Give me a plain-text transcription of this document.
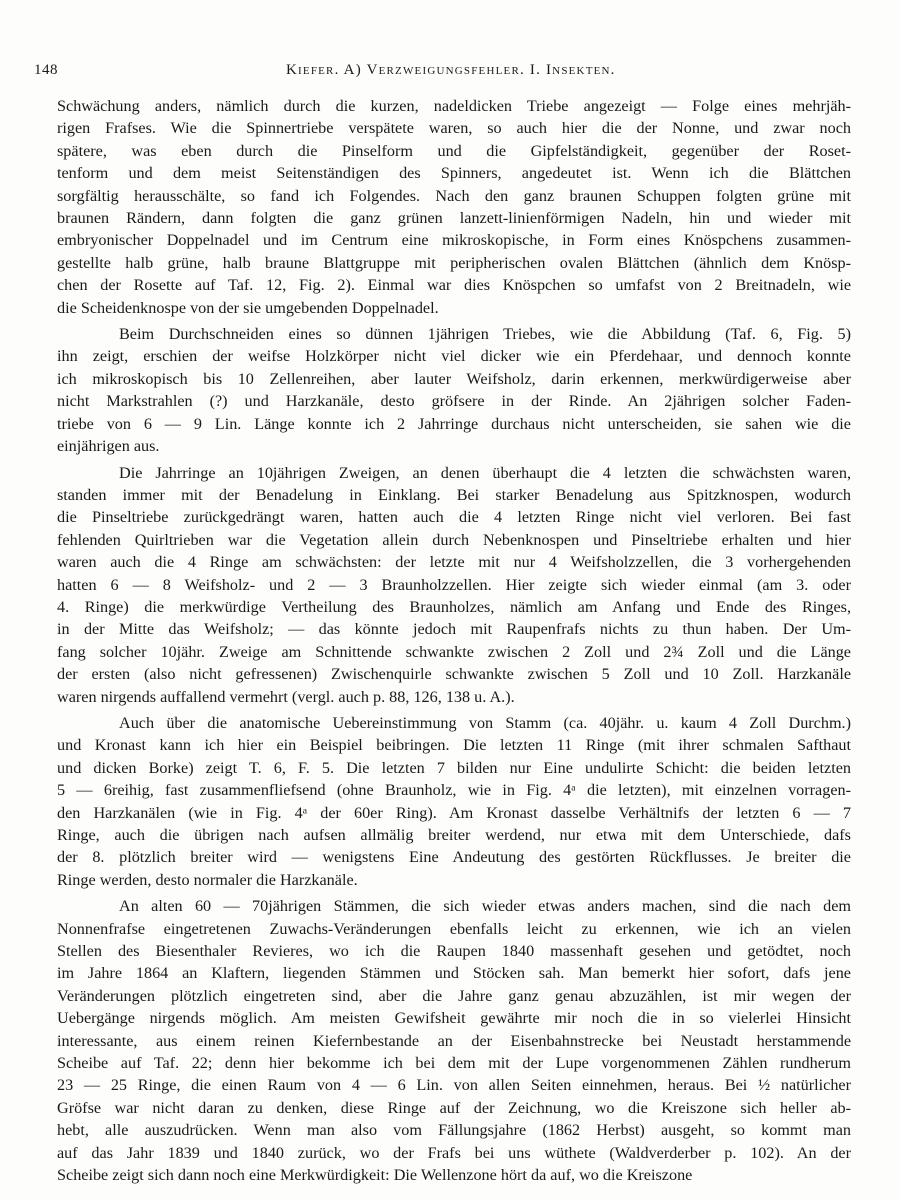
148	Kiefer. A) Verzweigungsfehler. I. Insekten.
Schwächung anders, nämlich durch die kurzen, nadeldicken Triebe angezeigt — Folge eines mehrjäh-
rigen Frafses. Wie die Spinnertriebe verspätete waren, so auch hier die der Nonne, und zwar noch
spätere, was eben durch die Pinselform und die Gipfelständigkeit, gegenüber der Roset-
tenform und dem meist Seitenständigen des Spinners, angedeutet ist. Wenn ich die Blättchen
sorgfältig herausschälte, so fand ich Folgendes. Nach den ganz braunen Schuppen folgten grüne mit
braunen Rändern, dann folgten die ganz grünen lanzett-linienförmigen Nadeln, hin und wieder mit
embryonischer Doppelnadel und im Centrum eine mikroskopische, in Form eines Knöspchens zusammen-
gestellte halb grüne, halb braune Blattgruppe mit peripherischen ovalen Blättchen (ähnlich dem Knösp-
chen der Rosette auf Taf. 12, Fig. 2). Einmal war dies Knöspchen so umfafst von 2 Breitnadeln, wie
die Scheidenknospe von der sie umgebenden Doppelnadel.
Beim Durchschneiden eines so dünnen 1jährigen Triebes, wie die Abbildung (Taf. 6, Fig. 5)
ihn zeigt, erschien der weifse Holzkörper nicht viel dicker wie ein Pferdehaar, und dennoch konnte
ich mikroskopisch bis 10 Zellenreihen, aber lauter Weifsholz, darin erkennen, merkwürdigerweise aber
nicht Markstrahlen (?) und Harzkanäle, desto gröfsere in der Rinde. An 2jährigen solcher Faden-
triebe von 6 — 9 Lin. Länge konnte ich 2 Jahrringe durchaus nicht unterscheiden, sie sahen wie die
einjährigen aus.
Die Jahrringe an 10jährigen Zweigen, an denen überhaupt die 4 letzten die schwächsten waren,
standen immer mit der Benadelung in Einklang. Bei starker Benadelung aus Spitzknospen, wodurch
die Pinseltriebe zurückgedrängt waren, hatten auch die 4 letzten Ringe nicht viel verloren. Bei fast
fehlenden Quirltrieben war die Vegetation allein durch Nebenknospen und Pinseltriebe erhalten und hier
waren auch die 4 Ringe am schwächsten: der letzte mit nur 4 Weifsholzzellen, die 3 vorhergehenden
hatten 6 — 8 Weifsholz- und 2 — 3 Braunholzzellen. Hier zeigte sich wieder einmal (am 3. oder
4. Ringe) die merkwürdige Vertheilung des Braunholzes, nämlich am Anfang und Ende des Ringes,
in der Mitte das Weifsholz; — das könnte jedoch mit Raupenfrafs nichts zu thun haben. Der Um-
fang solcher 10jähr. Zweige am Schnittende schwankte zwischen 2 Zoll und 2¾ Zoll und die Länge
der ersten (also nicht gefressenen) Zwischenquirle schwankte zwischen 5 Zoll und 10 Zoll. Harzkanäle
waren nirgends auffallend vermehrt (vergl. auch p. 88, 126, 138 u. A.).
Auch über die anatomische Uebereinstimmung von Stamm (ca. 40jähr. u. kaum 4 Zoll Durchm.)
und Kronast kann ich hier ein Beispiel beibringen. Die letzten 11 Ringe (mit ihrer schmalen Safthaut
und dicken Borke) zeigt T. 6, F. 5. Die letzten 7 bilden nur Eine undulirte Schicht: die beiden letzten
5 — 6reihig, fast zusammenfliefsend (ohne Braunholz, wie in Fig. 4ᵃ die letzten), mit einzelnen vorragen-
den Harzkanälen (wie in Fig. 4ᵃ der 60er Ring). Am Kronast dasselbe Verhältnifs der letzten 6 — 7
Ringe, auch die übrigen nach aufsen allmälig breiter werdend, nur etwa mit dem Unterschiede, dafs
der 8. plötzlich breiter wird — wenigstens Eine Andeutung des gestörten Rückflusses. Je breiter die
Ringe werden, desto normaler die Harzkanäle.
An alten 60 — 70jährigen Stämmen, die sich wieder etwas anders machen, sind die nach dem
Nonnenfrafse eingetretenen Zuwachs-Veränderungen ebenfalls leicht zu erkennen, wie ich an vielen
Stellen des Biesenthaler Revieres, wo ich die Raupen 1840 massenhaft gesehen und getödtet, noch
im Jahre 1864 an Klaftern, liegenden Stämmen und Stöcken sah. Man bemerkt hier sofort, dafs jene
Veränderungen plötzlich eingetreten sind, aber die Jahre ganz genau abzuzählen, ist mir wegen der
Uebergänge nirgends möglich. Am meisten Gewifsheit gewährte mir noch die in so vielerlei Hinsicht
interessante, aus einem reinen Kiefernbestande an der Eisenbahnstrecke bei Neustadt herstammende
Scheibe auf Taf. 22; denn hier bekomme ich bei dem mit der Lupe vorgenommenen Zählen rundherum
23 — 25 Ringe, die einen Raum von 4 — 6 Lin. von allen Seiten einnehmen, heraus. Bei ½ natürlicher
Gröfse war nicht daran zu denken, diese Ringe auf der Zeichnung, wo die Kreiszone sich heller ab-
hebt, alle auszudrücken. Wenn man also vom Fällungsjahre (1862 Herbst) ausgeht, so kommt man
auf das Jahr 1839 und 1840 zurück, wo der Frafs bei uns wüthete (Waldverderber p. 102). An der
Scheibe zeigt sich dann noch eine Merkwürdigkeit: Die Wellenzone hört da auf, wo die Kreiszone
